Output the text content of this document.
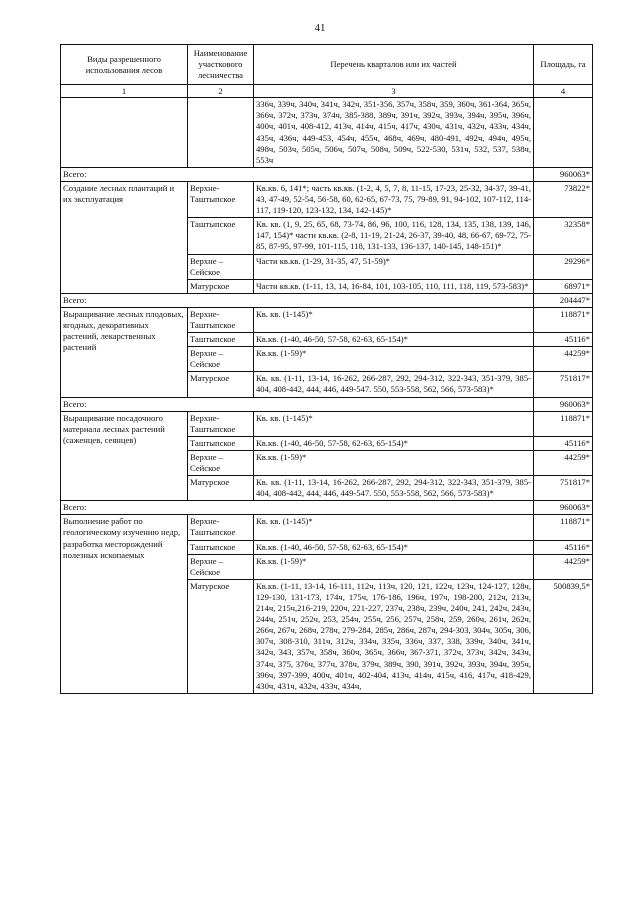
41
Виды разрешенного использования лесов	Наименование участкового лесничества	Перечень кварталов или их частей	Площадь, га
1	2	3	4
		336ч, 339ч, 340ч, 341ч, 342ч, 351-356, 357ч, 358ч, 359, 360ч, 361-364, 365ч, 366ч, 372ч, 373ч, 374ч, 385-388, 389ч, 391ч, 392ч, 393ч, 394ч, 395ч, 396ч, 400ч, 401ч, 408-412, 413ч, 414ч, 415ч, 417ч, 430ч, 431ч, 432ч, 433ч, 434ч, 435ч, 436ч, 449-453, 454ч, 455ч, 468ч, 469ч, 480-491, 492ч, 494ч, 495ч, 498ч, 503ч, 505ч, 506ч, 507ч, 508ч, 509ч, 522-530, 531ч, 532, 537, 538ч, 553ч	
Всего:			960063*
Создание лесных плантаций и их эксплуатация	Верхне-Таштыпское	Кв.кв. 6, 141*; часть кв.кв. (1-2, 4, 5, 7, 8, 11-15, 17-23, 25-32, 34-37, 39-41, 43, 47-49, 52-54, 56-58, 60, 62-65, 67-73, 75, 79-89, 91, 94-102, 107-112, 114-117, 119-120, 123-132, 134, 142-145)*	73822*
	Таштыпское	Кв. кв. (1, 9, 25, 65, 68, 73-74, 86, 96, 100, 116, 128, 134, 135, 138, 139, 146, 147, 154)* части кв.кв. (2-8, 11-19, 21-24, 26-37, 39-40, 48, 66-67, 69-72, 75-85, 87-95, 97-99, 101-115, 118, 131-133, 136-137, 140-145, 148-151)*	32358*
	Верхне – Сейское	Части кв.кв. (1-29, 31-35, 47, 51-59)*	29296*
	Матурское	Части кв.кв. (1-11, 13, 14, 16-84, 101, 103-105, 110, 111, 118, 119, 573-583)*	68971*
Всего:			204447*
Выращивание лесных плодовых, ягодных, декоративных растений, лекарственных растений	Верхне-Таштыпское	Кв. кв. (1-145)*	118871*
	Таштыпское	Кв.кв. (1-40, 46-50, 57-58, 62-63, 65-154)*	45116*
	Верхне – Сейское	Кв.кв. (1-59)*	44259*
	Матурское	Кв. кв. (1-11, 13-14, 16-262, 266-287, 292, 294-312, 322-343, 351-379, 385-404, 408-442, 444, 446, 449-547. 550, 553-558, 562, 566, 573-583)*	751817*
Всего:			960063*
Выращивание посадочного материала лесных растений (саженцев, сеянцев)	Верхне-Таштыпское	Кв. кв. (1-145)*	118871*
	Таштыпское	Кв.кв. (1-40, 46-50, 57-58, 62-63, 65-154)*	45116*
	Верхне – Сейское	Кв.кв. (1-59)*	44259*
	Матурское	Кв. кв. (1-11, 13-14, 16-262, 266-287, 292, 294-312, 322-343, 351-379, 385-404, 408-442, 444, 446, 449-547. 550, 553-558, 562, 566, 573-583)*	751817*
Всего:			960063*
Выполнение работ по геологическому изучению недр, разработка месторождений полезных ископаемых	Верхне-Таштыпское	Кв. кв. (1-145)*	118871*
	Таштыпское	Кв.кв. (1-40, 46-50, 57-58, 62-63, 65-154)*	45116*
	Верхне – Сейское	Кв.кв. (1-59)*	44259*
	Матурское	Кв.кв. (1-11, 13-14, 16-111, 112ч, 113ч, 120, 121, 122ч, 123ч, 124-127, 128ч, 129-130, 131-173, 174ч, 175ч, 176-186, 196ч, 197ч, 198-200, 212ч, 213ч, 214ч, 215ч,216-219, 220ч, 221-227, 237ч, 238ч, 239ч, 240ч, 241, 242ч, 243ч, 244ч, 251ч, 252ч, 253, 254ч, 255ч, 256, 257ч, 258ч, 259, 260ч, 261ч, 262ч, 266ч, 267ч, 268ч, 278ч, 279-284, 285ч, 286ч, 287ч, 294-303, 304ч, 305ч, 306, 307ч, 308-310, 311ч, 312ч, 334ч, 335ч, 336ч, 337, 338, 339ч, 340ч, 341ч, 342ч, 343, 357ч, 358ч, 360ч, 365ч, 366ч, 367-371, 372ч, 373ч, 342ч, 343ч, 374ч, 375, 376ч, 377ч, 378ч, 379ч, 389ч, 390, 391ч, 392ч, 393ч, 394ч, 395ч, 396ч, 397-399, 400ч, 401ч, 402-404, 413ч, 414ч, 415ч, 416, 417ч, 418-429, 430ч, 431ч, 432ч, 433ч, 434ч,	500839,5*
